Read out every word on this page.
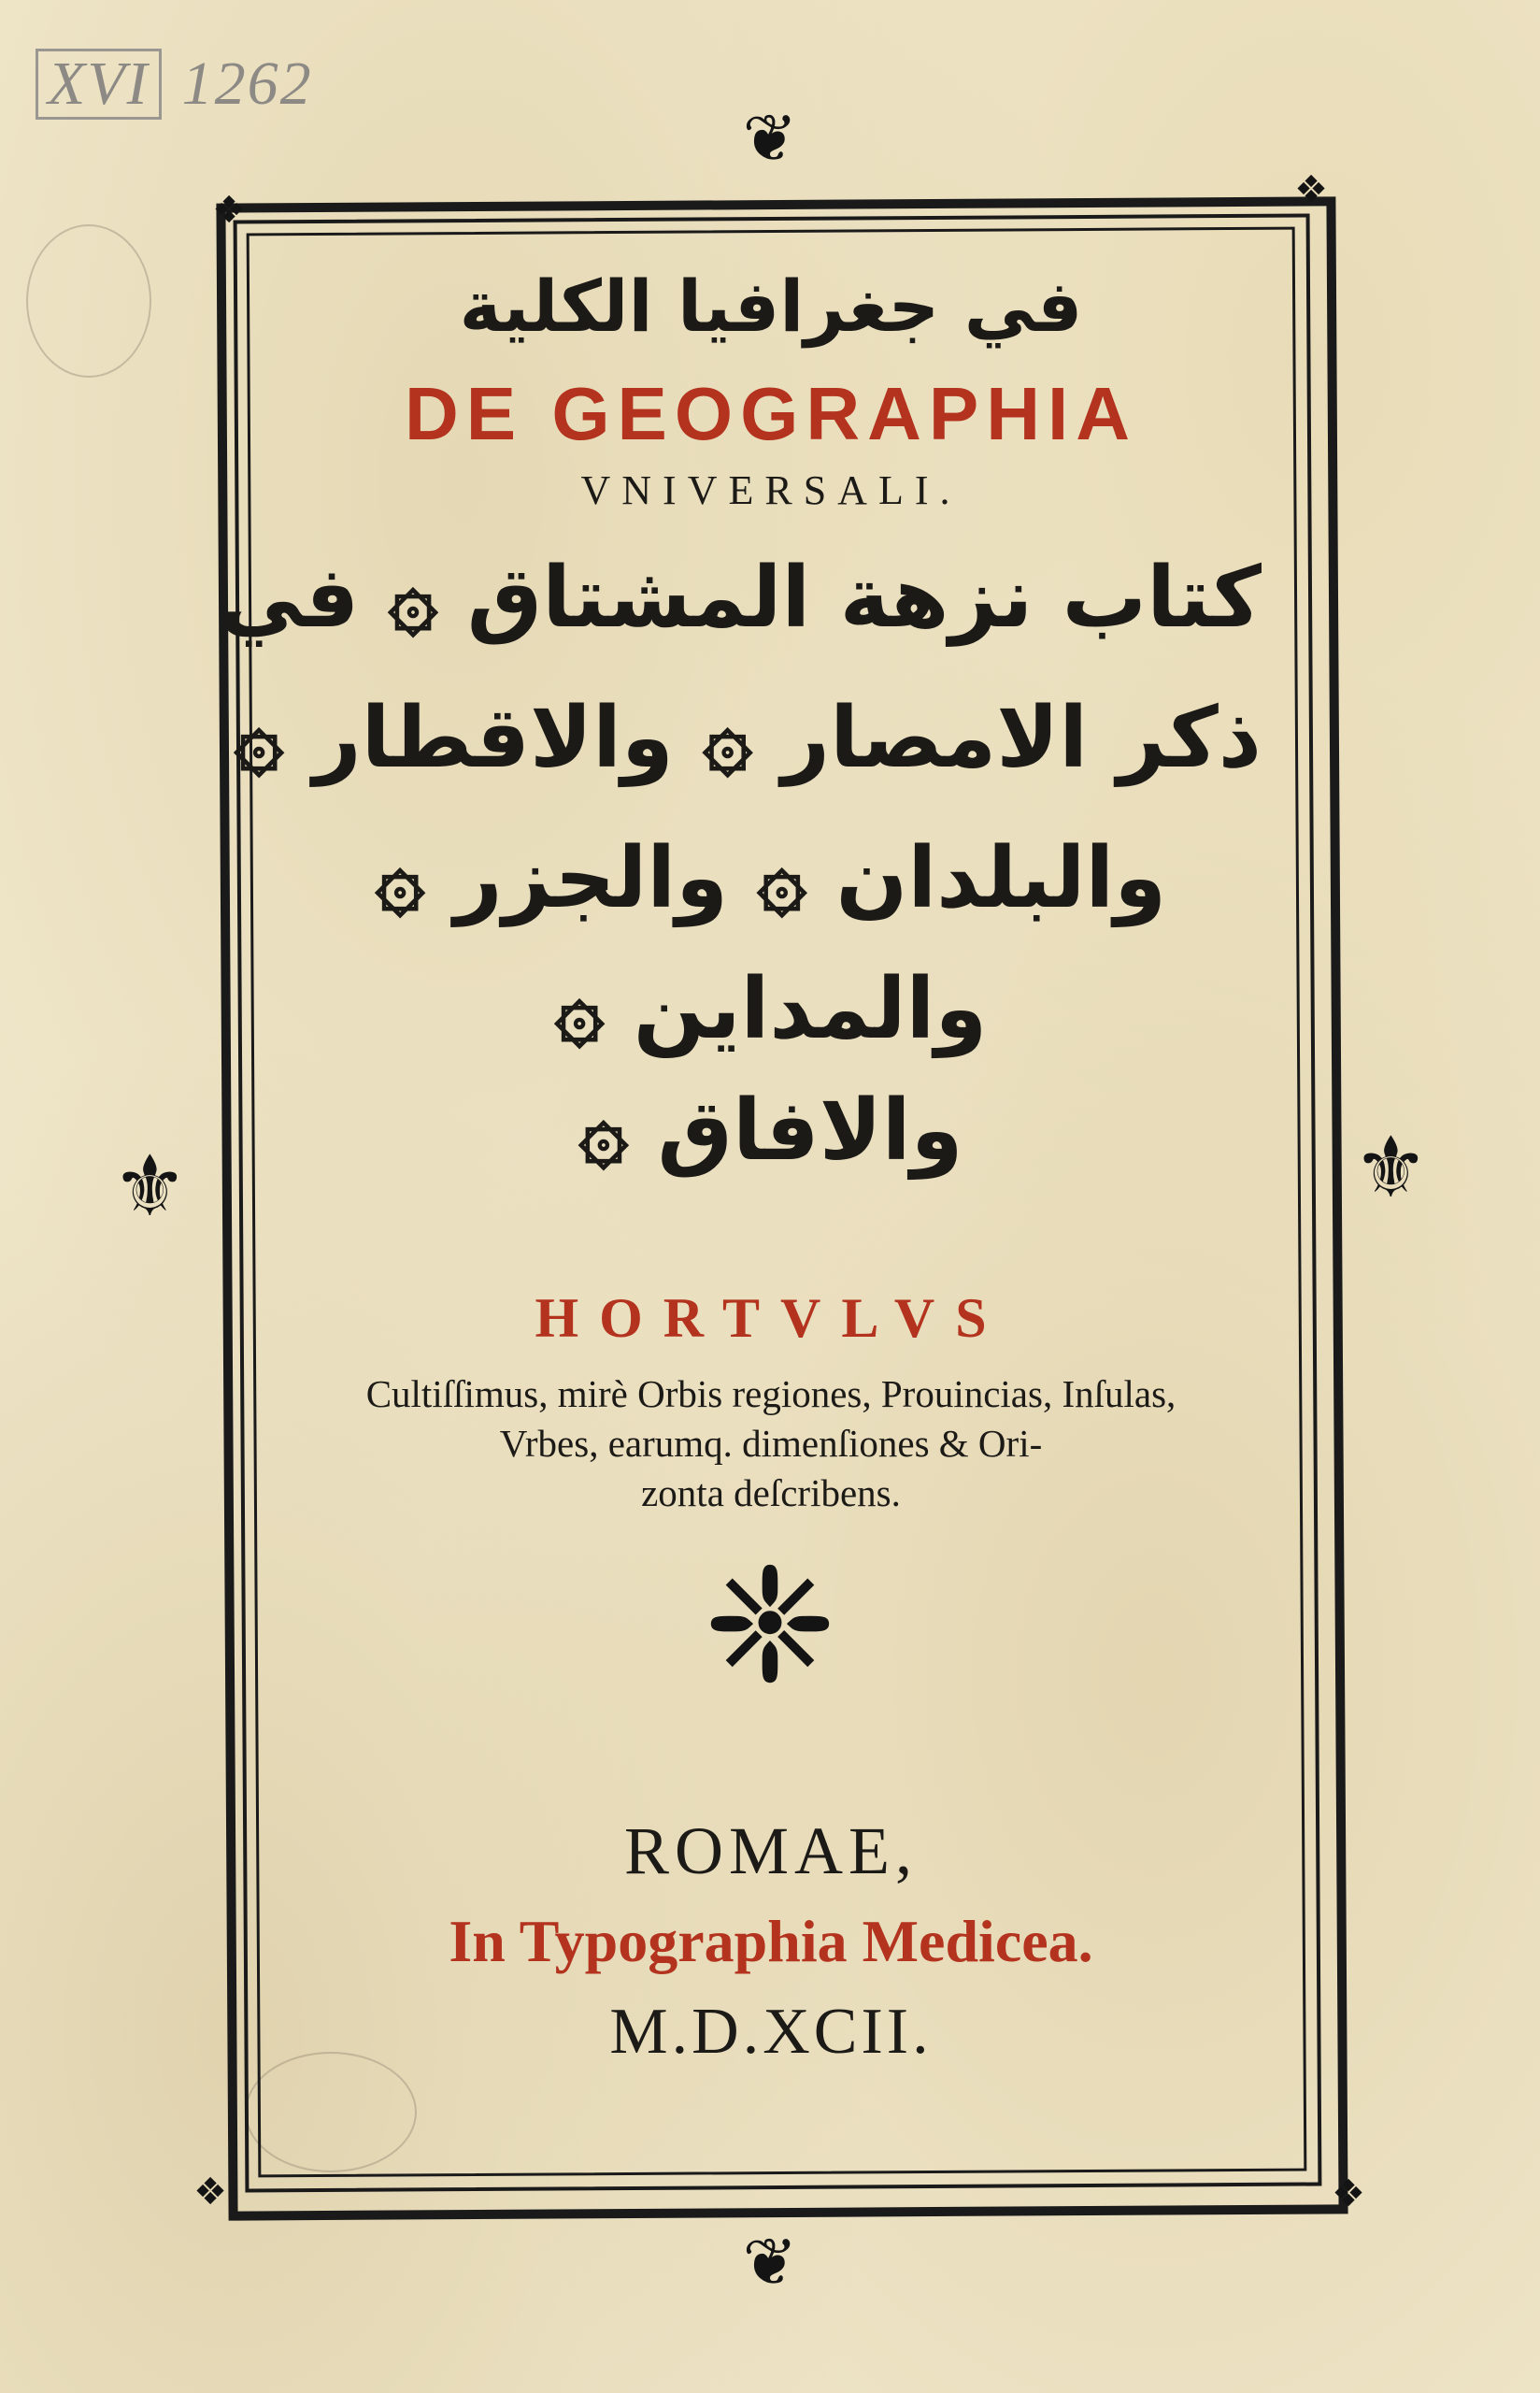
XVI 1262
❖	❖
❖	❖
❦
❦
⚜	⚜
في جغرافيا الكلية
DE GEOGRAPHIA
VNIVERSALI.
كتاب نزهة المشتاق ۞ في
ذكر الامصار ۞ والاقطار ۞
والبلدان ۞ والجزر ۞
والمداين ۞
والافاق ۞
HORTVLVS
Cultiſſimus, mirè Orbis regiones, Prouincias, Inſulas,
Vrbes, earumq. dimenſiones & Ori-
zonta deſcribens.
ROMAE,
In Typographia Medicea.
M.D.XCII.
❈
